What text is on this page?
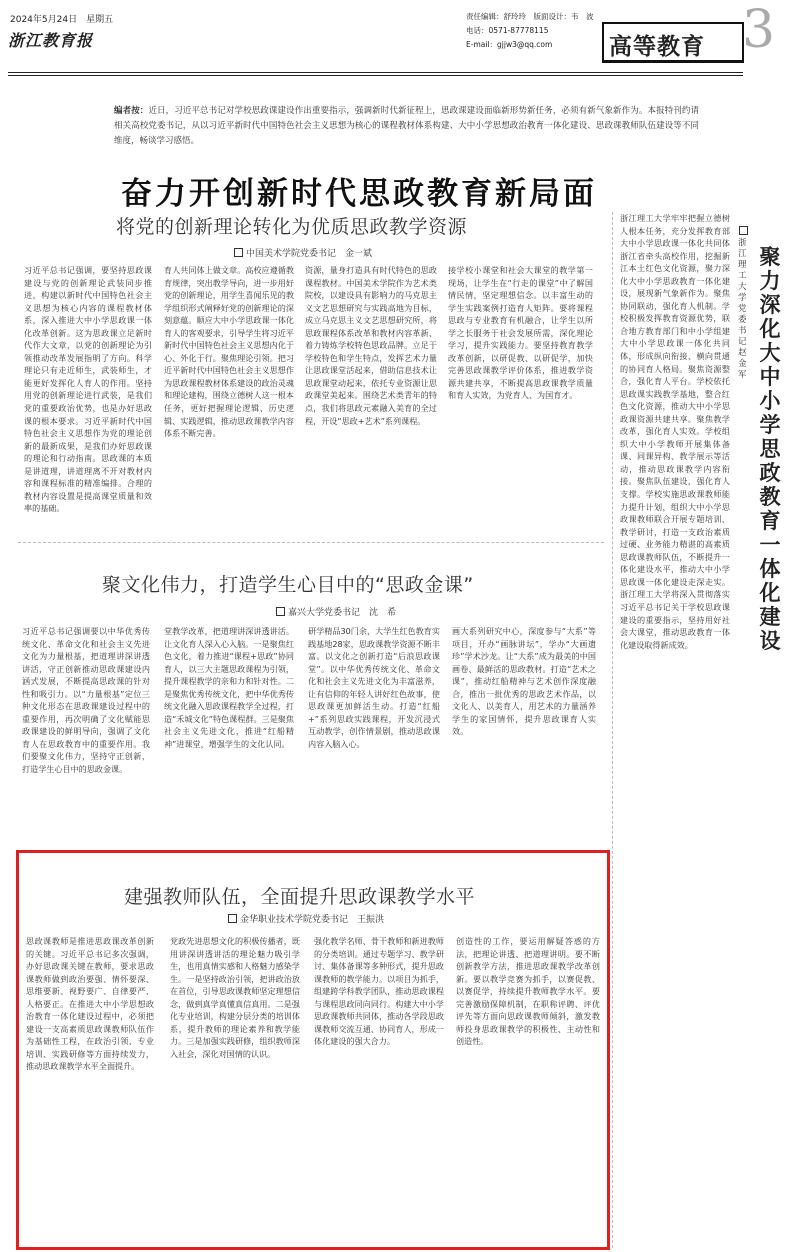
2024年5月24日　星期五
浙江教育报
责任编辑：舒玲玲　版面设计：韦　波
电话：0571-87778115
E-mail：gjjw3@qq.com	高等教育 3
编者按：近日，习近平总书记对学校思政课建设作出重要指示，强调新时代新征程上，思政课建设面临新形势新任务，必须有新气象新作为。本报特刊约请相关高校党委书记，从以习近平新时代中国特色社会主义思想为核心的课程教材体系构建、大中小学思想政治教育一体化建设、思政课教师队伍建设等不同维度，畅谈学习感悟。
奋力开创新时代思政教育新局面
将党的创新理论转化为优质思政教学资源
中国美术学院党委书记　金一斌
习近平总书记强调，要坚持思政课建设与党的创新理论武装同步推进，构建以新时代中国特色社会主义思想为核心内容的课程教材体系，深入推进大中小学思政课一体化改革创新。这为思政课立足新时代作大文章，以党的创新理论为引领推动改革发展指明了方向。科学理论只有走近师生，武装师生，才能更好发挥化人育人的作用。坚持用党的创新理论进行武装，是我们党的重要政治优势，也是办好思政课的根本要求。习近平新时代中国特色社会主义思想作为党的理论创新的最新成果，是我们办好思政课的理论和行动指南。思政课的本质是讲道理，讲道理离不开对教材内容和课程标准的精准编排。合理的教材内容设置是提高课堂质量和效率的基础。
育人共同体上做文章。高校应遵循教育规律，突出教学导向，进一步用好党的创新理论，用学生喜闻乐见的教学组织形式阐释好党的创新理论的深刻意蕴。顺应大中小学思政课一体化育人的客观要求，引导学生将习近平新时代中国特色社会主义思想内化于心、外化于行。聚焦理论引领。把习近平新时代中国特色社会主义思想作为思政课程教材体系建设的政治灵魂和理论建构，围绕立德树人这一根本任务，更好把握理论逻辑、历史逻辑、实践逻辑，推动思政课教学内容体系不断完善。
资源，量身打造具有时代特色的思政课程教材。中国美术学院作为艺术类院校，以建设具有影响力的马克思主义文艺思想研究与实践高地为目标，成立马克思主义文艺思想研究所，将思政课程体系改革和教材内容革新、着力铸炼学校特色思政品牌。立足于学校特色和学生特点，发挥艺术力量让思政课堂活起来，借助信息技术让思政课堂动起来，依托专业资源让思政课堂美起来。围绕艺术类青年的特点，我们将思政元素融入美育的全过程，开设“思政+艺术”系列课程。
接学校小课堂和社会大课堂的教学第一现场，让学生在“行走的课堂”中了解国情民情，坚定理想信念。以丰富生动的学生实践案例打造育人矩阵。要将课程思政与专业教育有机融合，让学生以所学之长服务于社会发展所需，深化理论学习，提升实践能力。要坚持教育教学改革创新，以研促教、以研促学，加快完善思政课教学评价体系，推进教学资源共建共享，不断提高思政课教学质量和育人实效，为党育人、为国育才。
聚文化伟力，打造学生心目中的“思政金课”
嘉兴大学党委书记　沈　希
习近平总书记强调要以中华优秀传统文化、革命文化和社会主义先进文化为力量根基，把道理讲深讲透讲活，守正创新推动思政课建设内涵式发展，不断提高思政课的针对性和吸引力。以“力量根基”定位三种文化形态在思政课建设过程中的重要作用，再次明确了文化赋能思政课建设的鲜明导向，强调了文化育人在思政教育中的重要作用。我们要聚文化伟力，坚持守正创新，打造学生心目中的思政金课。
堂教学改革，把道理讲深讲透讲活。让文化育人深入心入脑。一是聚焦红色文化，着力推进“课程+思政”协同育人，以三大主题思政课程为引领，提升课程教学的亲和力和针对性。二是聚焦优秀传统文化，把中华优秀传统文化融入思政课程教学全过程，打造“禾城文化”特色课程群。三是聚焦社会主义先进文化，推进“红船精神”进课堂，增强学生的文化认同。
研学精品30门余，大学生红色教育实践基地28家，思政课教学资源不断丰富。以文化之创新打造“后浪思政课堂”。以中华优秀传统文化、革命文化和社会主义先进文化为丰富滋养，让有信仰的年轻人讲好红色故事，使思政课更加鲜活生动。打造“红船+”系列思政实践课程，开发沉浸式互动教学，创作情景剧，推动思政课内容入脑入心。
画大系列研究中心，深度参与“大系”等项目，开办“画脉讲坛”，学办“大画遗珍”学术沙龙。让“大系”成为最美的中国画卷、最鲜活的思政教材。打造“艺术之课”，推动红船精神与艺术创作深度融合，推出一批优秀的思政艺术作品，以文化人、以美育人，用艺术的力量涵养学生的家国情怀，提升思政课育人实效。
建强教师队伍，全面提升思政课教学水平
金华职业技术学院党委书记　王振洪
思政课教师是推进思政课改革创新的关键。习近平总书记多次强调，办好思政课关键在教师，要求思政课教师做到政治要强、情怀要深、思维要新、视野要广、自律要严、人格要正。在推进大中小学思想政治教育一体化建设过程中，必须把建设一支高素质思政课教师队伍作为基础性工程，在政治引领、专业培训、实践研修等方面持续发力，推动思政课教学水平全面提升。
党政先进思想文化的积极传播者，既用讲深讲透讲活的理论魅力吸引学生，也用真情实感和人格魅力感染学生。一是坚持政治引领，把讲政治放在首位，引导思政课教师坚定理想信念，做到真学真懂真信真用。二是强化专业培训，构建分层分类的培训体系，提升教师的理论素养和教学能力。三是加强实践研修，组织教师深入社会，深化对国情的认识。
强化教学名师、骨干教师和新进教师的分类培训。通过专题学习、教学研讨、集体备课等多种形式，提升思政课教师的教学能力。以项目为抓手，组建跨学科教学团队，推动思政课程与课程思政同向同行。构建大中小学思政课教师共同体，推动各学段思政课教师交流互通、协同育人，形成一体化建设的强大合力。
创造性的工作，要运用解疑答惑的方法，把理论讲透、把道理讲明。要不断创新教学方法，推进思政课教学改革创新。要以教学竞赛为抓手，以赛促教、以赛促学，持续提升教师教学水平。要完善激励保障机制，在职称评聘、评优评先等方面向思政课教师倾斜，激发教师投身思政课教学的积极性、主动性和创造性。
浙江理工大学党委书记　赵金军
聚力深化大中小学思政教育一体化建设
浙江理工大学牢牢把握立德树人根本任务，充分发挥教育部大中小学思政课一体化共同体浙江省牵头高校作用，挖掘新江本土红色文化资源，聚力深化大中小学思政教育一体化建设，展现新气象新作为。聚焦协同联动，强化育人机制。学校积极发挥教育资源优势，联合地方教育部门和中小学组建大中小学思政课一体化共同体，形成纵向衔接、横向贯通的协同育人格局。聚焦资源整合，强化育人平台。学校依托思政课实践教学基地，整合红色文化资源，推动大中小学思政课资源共建共享。聚焦教学改革，强化育人实效。学校组织大中小学教师开展集体备课、同课异构、教学展示等活动，推动思政课教学内容衔接。聚焦队伍建设，强化育人支撑。学校实施思政课教师能力提升计划，组织大中小学思政课教师联合开展专题培训、教学研讨，打造一支政治素质过硬、业务能力精湛的高素质思政课教师队伍，不断提升一体化建设水平，推动大中小学思政课一体化建设走深走实。浙江理工大学将深入贯彻落实习近平总书记关于学校思政课建设的重要指示，坚持用好社会大课堂，推动思政教育一体化建设取得新成效。
